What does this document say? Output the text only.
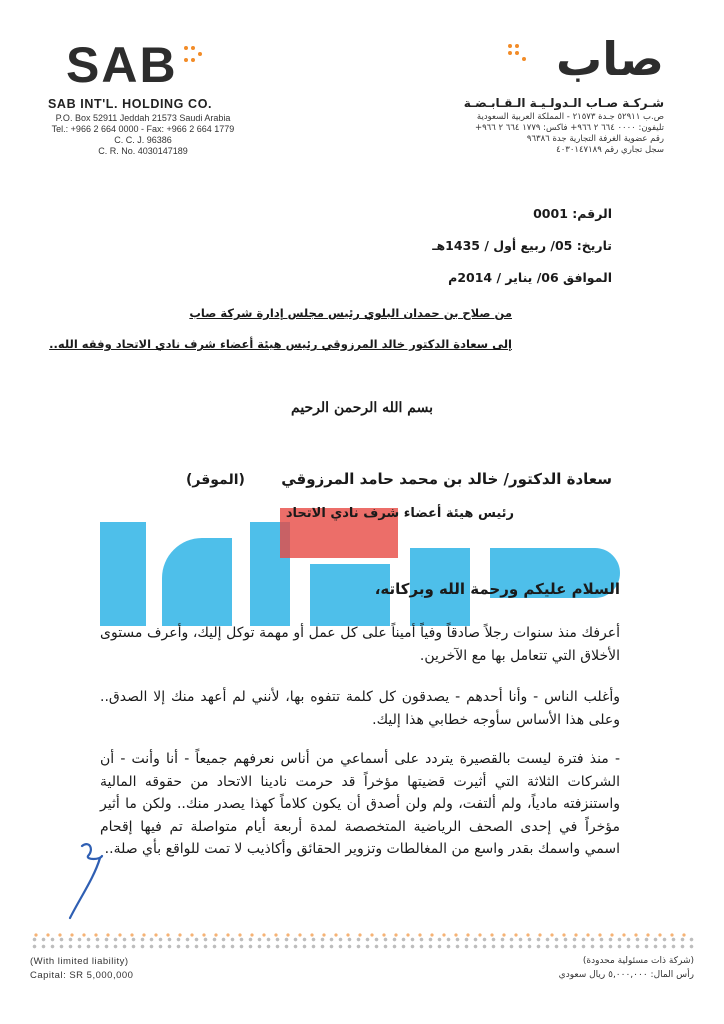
SAB
SAB INT'L. HOLDING CO.
P.O. Box 52911 Jeddah 21573 Saudi Arabia
Tel.: +966 2 664 0000 - Fax: +966 2 664 1779
C. C. J. 96386
C. R. No. 4030147189
صاب
شـركـة صـاب الـدولـيـة الـقـابـضـة
ص.ب ٥٢٩١١ جـدة ٢١٥٧٣ - المملكة العربية السعودية
تليفون: ٠٠٠٠ ٦٦٤ ٢ ٩٦٦+ فاكس: ١٧٧٩ ٦٦٤ ٢ ٩٦٦+
رقم عضوية الغرفة التجارية جدة ٩٦٣٨٦
سجل تجاري رقم ٤٠٣٠١٤٧١٨٩
الرقم: 0001
تاريخ: 05/ ربيع أول / 1435هـ
الموافق 06/ يناير / 2014م
من صلاح بن حمدان البلوي رئيس مجلس إدارة شركة صاب
إلى سعادة الدكتور خالد المرزوقي رئيس هيئة أعضاء شرف نادي الاتحاد وفقه الله..
بسم الله الرحمن الرحيم
Al Nadi
سعادة الدكتور/ خالد بن محمد حامد المرزوقي
(الموقر)
رئيس هيئة أعضاء شرف نادي الاتحاد
السلام عليكم ورحمة الله وبركاته،
أعرفك منذ سنوات رجلاً صادقاً وفياً أميناً على كل عمل أو مهمة توكل إليك، وأعرف مستوى الأخلاق التي تتعامل بها مع الآخرين.
وأغلب الناس - وأنا أحدهم - يصدقون كل كلمة تتفوه بها، لأنني لم أعهد منك إلا الصدق.. وعلى هذا الأساس سأوجه خطابي هذا إليك.
- منذ فترة ليست بالقصيرة يتردد على أسماعي من أناس نعرفهم جميعاً - أنا وأنت - أن الشركات الثلاثة التي أثيرت قضيتها مؤخراً قد حرمت نادينا الاتحاد من حقوقه المالية واستنزفته مادياً، ولم ألتفت، ولم ولن أصدق أن يكون كلاماً كهذا يصدر منك.. ولكن ما أثير مؤخراً في إحدى الصحف الرياضية المتخصصة لمدة أربعة أيام متواصلة تم فيها إقحام اسمي واسمك بقدر واسع من المغالطات وتزوير الحقائق وأكاذيب لا تمت للواقع بأي صلة..
(With limited liability)
Capital: SR 5,000,000
(شركة ذات مسئولية محدودة)
رأس المال: ٥,٠٠٠,٠٠٠ ريال سعودي
